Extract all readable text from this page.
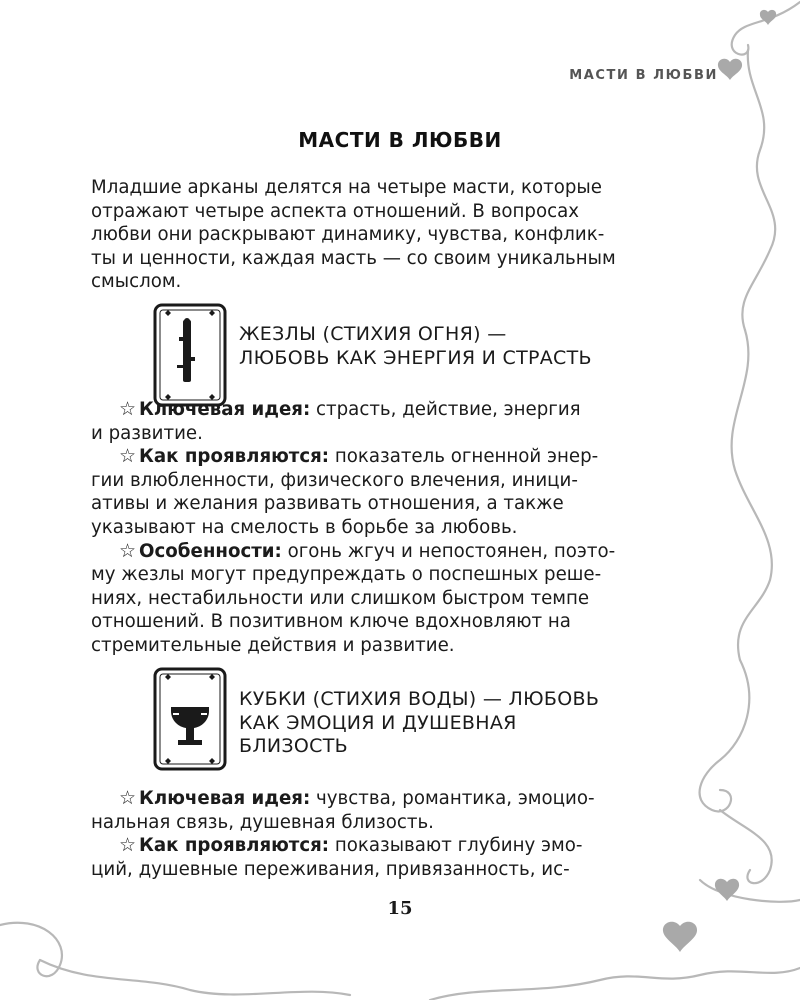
МАСТИ В ЛЮБВИ
МАСТИ В ЛЮБВИ

Младшие арканы делятся на четыре масти, которые

отражают четыре аспекта отношений. В вопросах

любви они раскрывают динамику, чувства, конфлик-

ты и ценности, каждая масть — со своим уникальным

смыслом.

ЖЕЗЛЫ (СТИХИЯ ОГНЯ) —
ЛЮБОВЬ КАК ЭНЕРГИЯ И СТРАСТЬ

☆ Ключевая идея: страсть, действие, энергия

и развитие.

☆ Как проявляются: показатель огненной энер-

гии влюбленности, физического влечения, иници-

ативы и желания развивать отношения, а также

указывают на смелость в борьбе за любовь.

☆ Особенности: огонь жгуч и непостоянен, поэто-

му жезлы могут предупреждать о поспешных реше-

ниях, нестабильности или слишком быстром темпе

отношений. В позитивном ключе вдохновляют на

стремительные действия и развитие.

КУБКИ (СТИХИЯ ВОДЫ) — ЛЮБОВЬ
КАК ЭМОЦИЯ И ДУШЕВНАЯ
БЛИЗОСТЬ

☆ Ключевая идея: чувства, романтика, эмоцио-

нальная связь, душевная близость.

☆ Как проявляются: показывают глубину эмо-

ций, душевные переживания, привязанность, ис-

15
